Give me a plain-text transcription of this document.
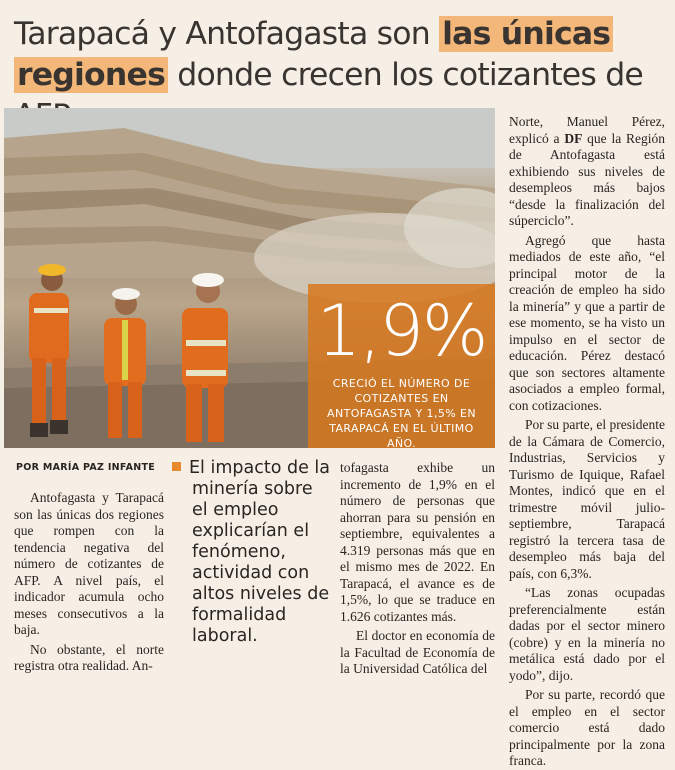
Tarapacá y Antofagasta son las únicas
regiones donde crecen los cotizantes de
1,9%
CRECIÓ EL NÚMERO DE COTIZANTES EN ANTOFAGASTA Y 1,5% EN TARAPACÁ EN EL ÚLTIMO AÑO.
POR MARÍA PAZ INFANTE

Antofagasta y Tarapacá son las únicas dos regiones que rompen con la tendencia negativa del número de cotizantes de AFP. A nivel país, el indicador acumula ocho meses consecutivos a la baja.

No obstante, el norte registra otra realidad. An-

El impacto de la minería sobre el empleo explicarían el fenómeno, actividad con altos niveles de formalidad laboral.

tofagasta exhibe un incremento de 1,9% en el número de personas que ahorran para su pensión en septiembre, equivalentes a 4.319 personas más que en el mismo mes de 2022. En Tarapacá, el avance es de 1,5%, lo que se traduce en 1.626 cotizantes más.

El doctor en economía de la Facultad de Economía de la Universidad Católica del

Norte, Manuel Pérez, explicó a DF que la Región de Antofagasta está exhibiendo sus niveles de desempleos más bajos “desde la finalización del súperciclo”.

Agregó que hasta mediados de este año, “el principal motor de la creación de empleo ha sido la minería” y que a partir de ese momento, se ha visto un impulso en el sector de educación. Pérez destacó que son sectores altamente asociados a empleo formal, con cotizaciones.

Por su parte, el presidente de la Cámara de Comercio, Industrias, Servicios y Turismo de Iquique, Rafael Montes, indicó que en el trimestre móvil julio-septiembre, Tarapacá registró la tercera tasa de desempleo más baja del país, con 6,3%.

“Las zonas ocupadas preferencialmente están dadas por el sector minero (cobre) y en la minería no metálica está dado por el yodo”, dijo.

Por su parte, recordó que el empleo en el sector comercio está dado principalmente por la zona franca.
